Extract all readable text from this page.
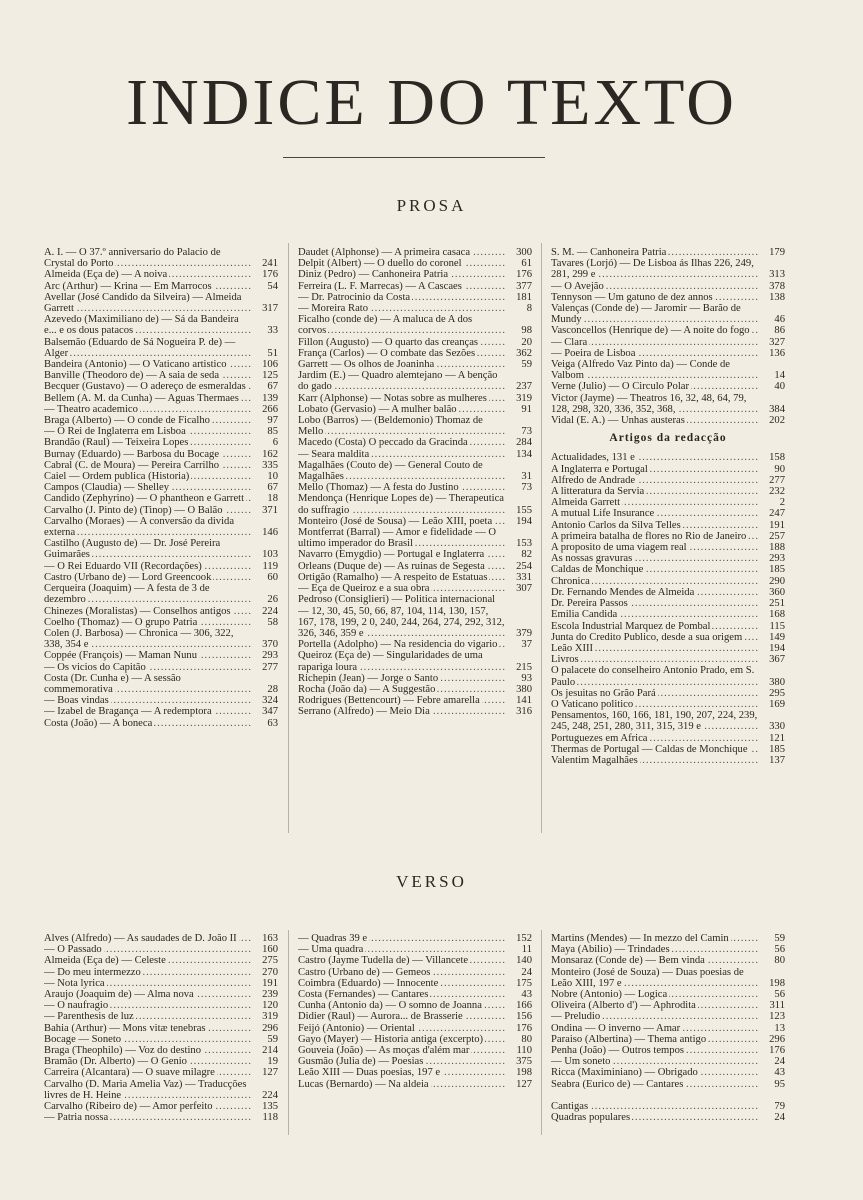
INDICE DO TEXTO
PROSA
A. I. — O 37.º anniversario do Palacio de Crystal do Porto .....	241
Almeida (Eça de) — A noiva .....	176
Arc (Arthur) — Krina — Em Marrocos .....	54
Avellar (José Candido da Silveira) — Almeida Garrett .....	317
Azevedo (Maximiliano de) — Sá da Bandeira e... e os dous patacos .....	33
Balsemão (Eduardo de Sá Nogueira P. de) — Alger .....	51
Bandeira (Antonio) — O Vaticano artistico .....	106
Banville (Theodoro de) — A saia de seda .....	125
Becquer (Gustavo) — O adereço de esmeraldas .....	67
Bellem (A. M. da Cunha) — Aguas Thermaes .....	139
— Theatro academico .....	266
Braga (Alberto) — O conde de Ficalho .....	97
— O Rei de Inglaterra em Lisboa .....	85
Brandão (Raul) — Teixeira Lopes .....	6
Burnay (Eduardo) — Barbosa du Bocage .....	162
Cabral (C. de Moura) — Pereira Carrilho .....	335
Caiel — Ordem publica (Historia) .....	10
Campos (Claudia) — Shelley .....	67
Candido (Zephyrino) — O phantheon e Garrett .....	18
Carvalho (J. Pinto de) (Tinop) — O Balão .....	371
Carvalho (Moraes) — A conversão da divida externa .....	146
Castilho (Augusto de) — Dr. José Pereira Guimarães .....	103
— O Rei Eduardo VII (Recordações) .....	119
Castro (Urbano de) — Lord Greencook .....	60
Cerqueira (Joaquim) — A festa de 3 de dezembro .....	26
Chinezes (Moralistas) — Conselhos antigos .....	224
Coelho (Thomaz) — O grupo Patria .....	58
Colen (J. Barbosa) — Chronica — 306, 322, 338, 354 e .....	370
Coppée (François) — Maman Nunu .....	293
— Os vicios do Capitão .....	277
Costa (Dr. Cunha e) — A sessão commemorativa .....	28
— Boas vindas .....	324
— Izabel de Bragança — A redemptora .....	347
Costa (João) — A boneca .....	63
Daudet (Alphonse) — A primeira casaca .....	300
Delpit (Albert) — O duello do coronel .....	61
Diniz (Pedro) — Canhoneira Patria .....	176
Ferreira (L. F. Marrecas) — A Cascaes .....	377
— Dr. Patrocinio da Costa .....	181
— Moreira Rato .....	8
Ficalho (conde de) — A maluca de A dos corvos .....	98
Fillon (Augusto) — O quarto das creanças .....	20
França (Carlos) — O combate das Sezões .....	362
Garrett — Os olhos de Joaninha .....	59
Jardim (E.) — Quadro alemtejano — A benção do gado .....	237
Karr (Alphonse) — Notas sobre as mulheres .....	319
Lobato (Gervasio) — A mulher balão .....	91
Lobo (Barros) — (Beldemonio) Thomaz de Mello .....	73
Macedo (Costa) O peccado da Gracinda .....	284
— Seara maldita .....	134
Magalhães (Couto de) — General Couto de Magalhães .....	31
Mello (Thomaz) — A festa do Justino .....	73
Mendonça (Henrique Lopes de) — Therapeutica do suffragio .....	155
Monteiro (José de Sousa) — Leão XIII, poeta .....	194
Montferrat (Barral) — Amor e fidelidade — O ultimo imperador do Brasil .....	153
Navarro (Emygdio) — Portugal e Inglaterra .....	82
Orleans (Duque de) — As ruinas de Segesta .....	254
Ortigão (Ramalho) — A respeito de Estatuas .....	331
— Eça de Queiroz e a sua obra .....	307
Pedroso (Consiglieri) — Politica internacional — 12, 30, 45, 50, 66, 87, 104, 114, 130, 157, 167, 178, 199, 2 0, 240, 244, 264, 274, 292, 312, 326, 346, 359 e .....	379
Portella (Adolpho) — Na residencia do vigario .....	37
Queiroz (Eça de) — Singularidades de uma rapariga loura .....	215
Richepin (Jean) — Jorge o Santo .....	93
Rocha (João da) — A Suggestão .....	380
Rodrigues (Bettencourt) — Febre amarella .....	141
Serrano (Alfredo) — Meio Dia .....	316
S. M. — Canhoneira Patria .....	179
Tavares (Lorjó) — De Lisboa ás Ilhas 226, 249, 281, 299 e .....	313
— O Avejão .....	378
Tennyson — Um gatuno de dez annos .....	138
Valenças (Conde de) — Jaromir — Barão de Mundy .....	46
Vasconcellos (Henrique de) — A noite do fogo .....	86
— Clara .....	327
— Poeira de Lisboa .....	136
Veiga (Alfredo Vaz Pinto da) — Conde de Valbom .....	14
Verne (Julio) — O Circulo Polar .....	40
Victor (Jayme) — Theatros 16, 32, 48, 64, 79, 128, 298, 320, 336, 352, 368, .....	384
Vidal (E. A.) — Unhas austeras .....	202
Artigos da redacção
Actualidades, 131 e .....	158
A Inglaterra e Portugal .....	90
Alfredo de Andrade .....	277
A litteratura da Servia .....	232
Almeida Garrett .....	2
A mutual Life Insurance .....	247
Antonio Carlos da Silva Telles .....	191
A primeira batalha de flores no Rio de Janeiro .....	257
A proposito de uma viagem real .....	188
As nossas gravuras .....	293
Caldas de Monchique .....	185
Chronica .....	290
Dr. Fernando Mendes de Almeida .....	360
Dr. Pereira Passos .....	251
Emilia Candida .....	168
Escola Industrial Marquez de Pombal .....	115
Junta do Credito Publico, desde a sua origem .....	149
Leão XIII .....	194
Livros .....	367
O palacete do conselheiro Antonio Prado, em S. Paulo .....	380
Os jesuitas no Grão Pará .....	295
O Vaticano politico .....	169
Pensamentos, 160, 166, 181, 190, 207, 224, 239, 245, 248, 251, 280, 311, 315, 319 e .....	330
Portuguezes em Africa .....	121
Thermas de Portugal — Caldas de Monchique .....	185
Valentim Magalhães .....	137
VERSO
Alves (Alfredo) — As saudades de D. João II .....	163
— O Passado .....	160
Almeida (Eça de) — Celeste .....	275
— Do meu intermezzo .....	270
— Nota lyrica .....	191
Araujo (Joaquim de) — Alma nova .....	239
— O naufragio .....	120
— Parenthesis de luz .....	319
Bahia (Arthur) — Mons vitæ tenebras .....	296
Bocage — Soneto .....	59
Braga (Theophilo) — Voz do destino .....	214
Bramão (Dr. Alberto) — O Genio .....	19
Carreira (Alcantara) — O suave milagre .....	127
Carvalho (D. Maria Amelia Vaz) — Traducções livres de H. Heine .....	224
Carvalho (Ribeiro de) — Amor perfeito .....	135
— Patria nossa .....	118
— Quadras 39 e .....	152
— Uma quadra .....	11
Castro (Jayme Tudella de) — Villancete .....	140
Castro (Urbano de) — Gemeos .....	24
Coimbra (Eduardo) — Innocente .....	175
Costa (Fernandes) — Cantares .....	43
Cunha (Antonio da) — O somno de Joanna .....	166
Didier (Raul) — Aurora... de Brasserie .....	156
Feijó (Antonio) — Oriental .....	176
Gayo (Mayer) — Historia antiga (excerpto) .....	80
Gouveia (João) — As moças d'além mar .....	110
Gusmão (Julia de) — Poesias .....	375
Leão XIII — Duas poesias, 197 e .....	198
Lucas (Bernardo) — Na aldeia .....	127
Martins (Mendes) — In mezzo del Camin .....	59
Maya (Abilio) — Trindades .....	56
Monsaraz (Conde de) — Bem vinda .....	80
Monteiro (José de Souza) — Duas poesias de Leão XIII, 197 e .....	198
Nobre (Antonio) — Logica .....	56
Oliveira (Alberto d') — Aphrodita .....	311
— Preludio .....	123
Ondina — O inverno — Amar .....	13
Paraiso (Albertina) — Thema antigo .....	296
Penha (João) — Outros tempos .....	176
— Um soneto .....	24
Ricca (Maximiniano) — Obrigado .....	43
Seabra (Eurico de) — Cantares .....	95
Cantigas .....	79
Quadras populares .....	24
